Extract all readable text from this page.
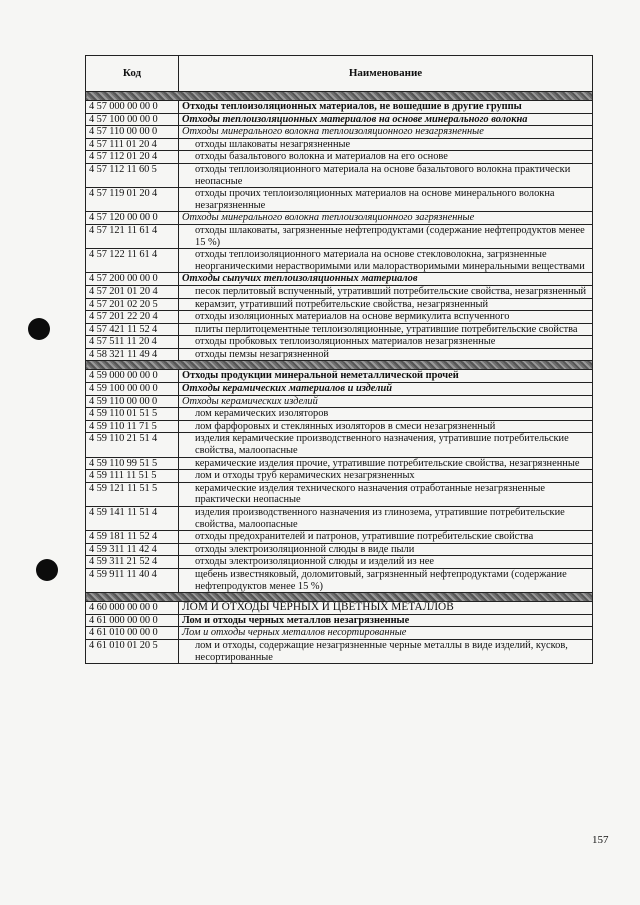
Код	Наименование

4 57 000 00 00 0	Отходы теплоизоляционных материалов, не вошедшие в другие группы
4 57 100 00 00 0	Отходы теплоизоляционных материалов на основе минерального волокна
4 57 110 00 00 0	Отходы минерального волокна теплоизоляционного незагрязненные
4 57 111 01 20 4	отходы шлаковаты незагрязненные
4 57 112 01 20 4	отходы базальтового волокна и материалов на его основе
4 57 112 11 60 5	отходы теплоизоляционного материала на основе базальтового волокна практически неопасные
4 57 119 01 20 4	отходы прочих теплоизоляционных материалов на основе минерального волокна незагрязненные
4 57 120 00 00 0	Отходы минерального волокна теплоизоляционного загрязненные
4 57 121 11 61 4	отходы шлаковаты, загрязненные нефтепродуктами (содержание нефтепродуктов менее 15 %)
4 57 122 11 61 4	отходы теплоизоляционного материала на основе стекловолокна, загрязненные неорганическими нерастворимыми или малорастворимыми минеральными веществами
4 57 200 00 00 0	Отходы сыпучих теплоизоляционных материалов
4 57 201 01 20 4	песок перлитовый вспученный, утративший потребительские свойства, незагрязненный
4 57 201 02 20 5	керамзит, утративший потребительские свойства, незагрязненный
4 57 201 22 20 4	отходы изоляционных материалов на основе вермикулита вспученного
4 57 421 11 52 4	плиты перлитоцементные теплоизоляционные, утратившие потребительские свойства
4 57 511 11 20 4	отходы пробковых теплоизоляционных материалов незагрязненные
4 58 321 11 49 4	отходы пемзы незагрязненной

4 59 000 00 00 0	Отходы продукции минеральной неметаллической прочей
4 59 100 00 00 0	Отходы керамических материалов и изделий
4 59 110 00 00 0	Отходы керамических изделий
4 59 110 01 51 5	лом керамических изоляторов
4 59 110 11 71 5	лом фарфоровых и стеклянных изоляторов в смеси незагрязненный
4 59 110 21 51 4	изделия керамические производственного назначения, утратившие потребительские свойства, малоопасные
4 59 110 99 51 5	керамические изделия прочие, утратившие потребительские свойства, незагрязненные
4 59 111 11 51 5	лом и отходы труб керамических незагрязненных
4 59 121 11 51 5	керамические изделия технического назначения отработанные незагрязненные практически неопасные
4 59 141 11 51 4	изделия производственного назначения из глинозема, утратившие потребительские свойства, малоопасные
4 59 181 11 52 4	отходы предохранителей и патронов, утратившие потребительские свойства
4 59 311 11 42 4	отходы электроизоляционной слюды в виде пыли
4 59 311 21 52 4	отходы электроизоляционной слюды и изделий из нее
4 59 911 11 40 4	щебень известняковый, доломитовый, загрязненный нефтепродуктами (содержание нефтепродуктов менее 15 %)

4 60 000 00 00 0	ЛОМ И ОТХОДЫ ЧЕРНЫХ И ЦВЕТНЫХ МЕТАЛЛОВ
4 61 000 00 00 0	Лом и отходы черных металлов незагрязненные
4 61 010 00 00 0	Лом и отходы черных металлов несортированные
4 61 010 01 20 5	лом и отходы, содержащие незагрязненные черные металлы в виде изделий, кусков, несортированные
157
